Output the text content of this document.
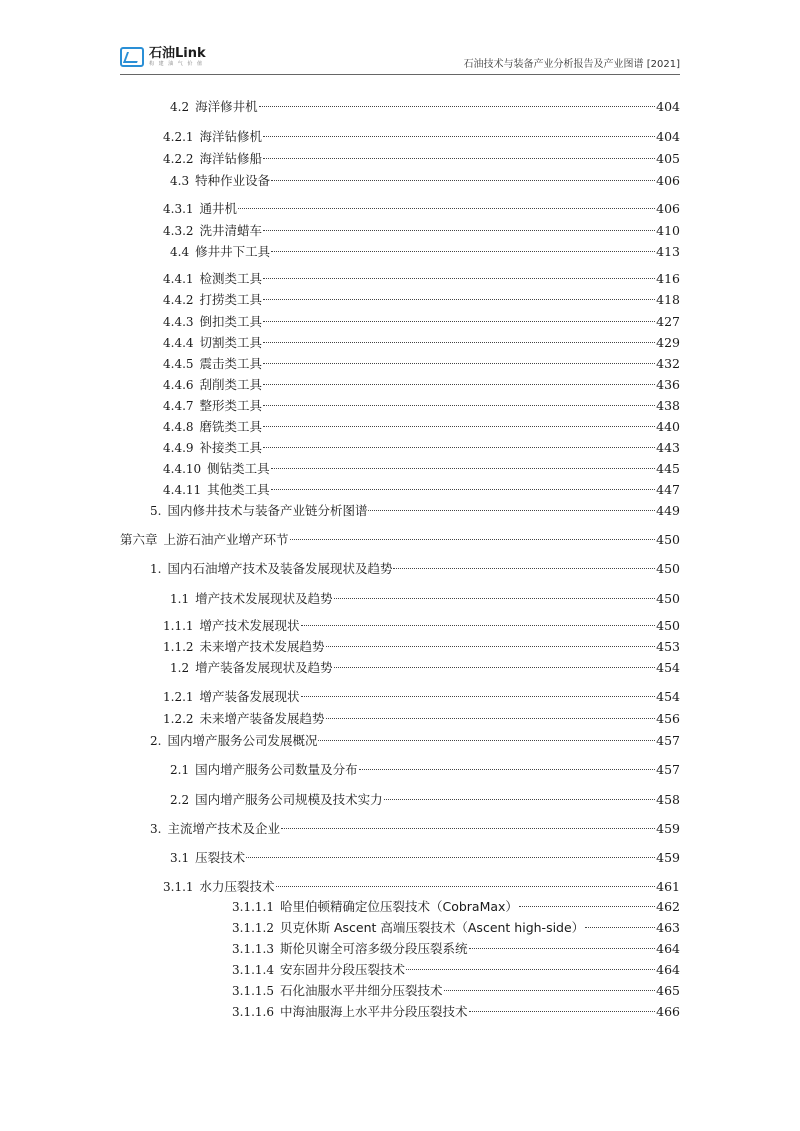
石油Link
构 建 油 气 价 值	石油技术与装备产业分析报告及产业图谱 [2021]
4.2 海洋修井机	404
4.2.1 海洋钻修机	404
4.2.2 海洋钻修船	405
4.3 特种作业设备	406
4.3.1 通井机	406
4.3.2 洗井清蜡车	410
4.4 修井井下工具	413
4.4.1 检测类工具	416
4.4.2 打捞类工具	418
4.4.3 倒扣类工具	427
4.4.4 切割类工具	429
4.4.5 震击类工具	432
4.4.6 刮削类工具	436
4.4.7 整形类工具	438
4.4.8 磨铣类工具	440
4.4.9 补接类工具	443
4.4.10 侧钻类工具	445
4.4.11 其他类工具	447
5. 国内修井技术与装备产业链分析图谱	449
第六章 上游石油产业增产环节	450
1. 国内石油增产技术及装备发展现状及趋势	450
1.1 增产技术发展现状及趋势	450
1.1.1 增产技术发展现状	450
1.1.2 未来增产技术发展趋势	453
1.2 增产装备发展现状及趋势	454
1.2.1 增产装备发展现状	454
1.2.2 未来增产装备发展趋势	456
2. 国内增产服务公司发展概况	457
2.1 国内增产服务公司数量及分布	457
2.2 国内增产服务公司规模及技术实力	458
3. 主流增产技术及企业	459
3.1 压裂技术	459
3.1.1 水力压裂技术	461
3.1.1.1 哈里伯顿精确定位压裂技术（CobraMax）	462
3.1.1.2 贝克休斯 Ascent 高端压裂技术（Ascent high-side）	463
3.1.1.3 斯伦贝谢全可溶多级分段压裂系统	464
3.1.1.4 安东固井分段压裂技术	464
3.1.1.5 石化油服水平井细分压裂技术	465
3.1.1.6 中海油服海上水平井分段压裂技术	466
